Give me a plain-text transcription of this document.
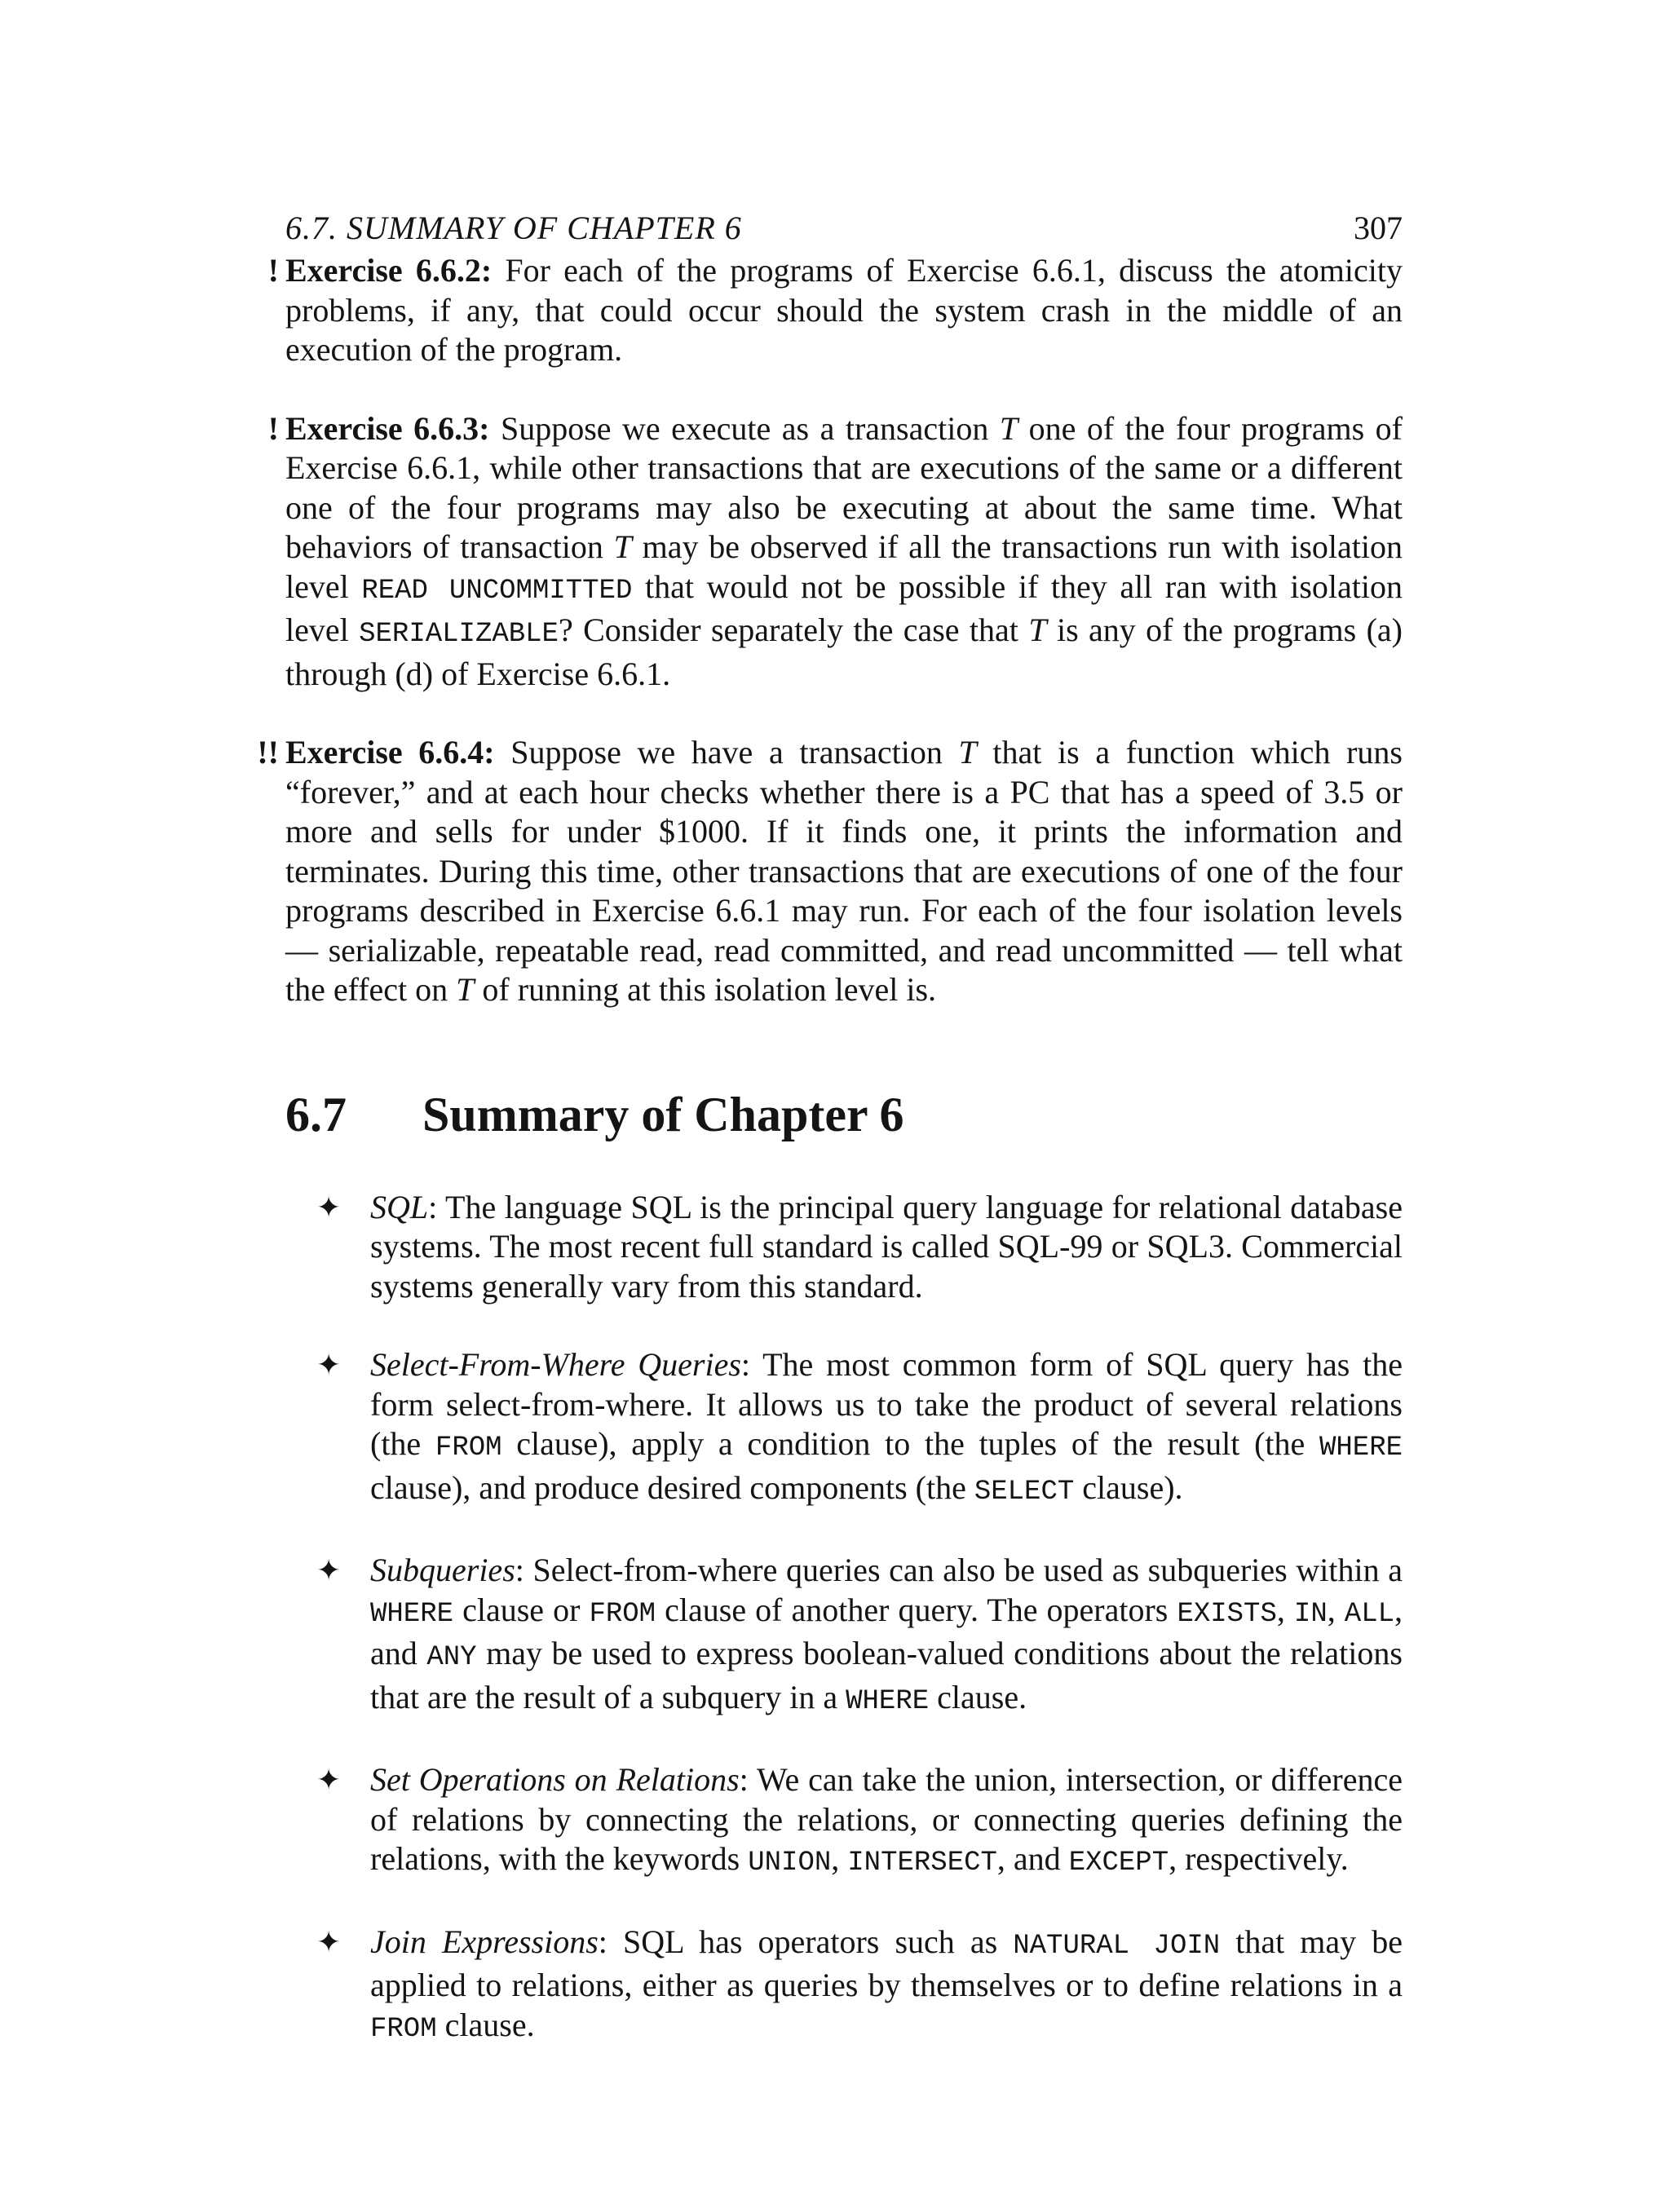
6.7. SUMMARY OF CHAPTER 6	307

! Exercise 6.6.2: For each of the programs of Exercise 6.6.1, discuss the atomicity problems, if any, that could occur should the system crash in the middle of an execution of the program.

! Exercise 6.6.3: Suppose we execute as a transaction T one of the four programs of Exercise 6.6.1, while other transactions that are executions of the same or a different one of the four programs may also be executing at about the same time. What behaviors of transaction T may be observed if all the transactions run with isolation level READ UNCOMMITTED that would not be possible if they all ran with isolation level SERIALIZABLE? Consider separately the case that T is any of the programs (a) through (d) of Exercise 6.6.1.

!! Exercise 6.6.4: Suppose we have a transaction T that is a function which runs “forever,” and at each hour checks whether there is a PC that has a speed of 3.5 or more and sells for under $1000. If it finds one, it prints the information and terminates. During this time, other transactions that are executions of one of the four programs described in Exercise 6.6.1 may run. For each of the four isolation levels — serializable, repeatable read, read committed, and read uncommitted — tell what the effect on T of running at this isolation level is.

6.7 Summary of Chapter 6
✦ SQL: The language SQL is the principal query language for relational database systems. The most recent full standard is called SQL-99 or SQL3. Commercial systems generally vary from this standard.
✦ Select-From-Where Queries: The most common form of SQL query has the form select-from-where. It allows us to take the product of several relations (the FROM clause), apply a condition to the tuples of the result (the WHERE clause), and produce desired components (the SELECT clause).
✦ Subqueries: Select-from-where queries can also be used as subqueries within a WHERE clause or FROM clause of another query. The operators EXISTS, IN, ALL, and ANY may be used to express boolean-valued conditions about the relations that are the result of a subquery in a WHERE clause.
✦ Set Operations on Relations: We can take the union, intersection, or difference of relations by connecting the relations, or connecting queries defining the relations, with the keywords UNION, INTERSECT, and EXCEPT, respectively.
✦ Join Expressions: SQL has operators such as NATURAL JOIN that may be applied to relations, either as queries by themselves or to define relations in a FROM clause.
